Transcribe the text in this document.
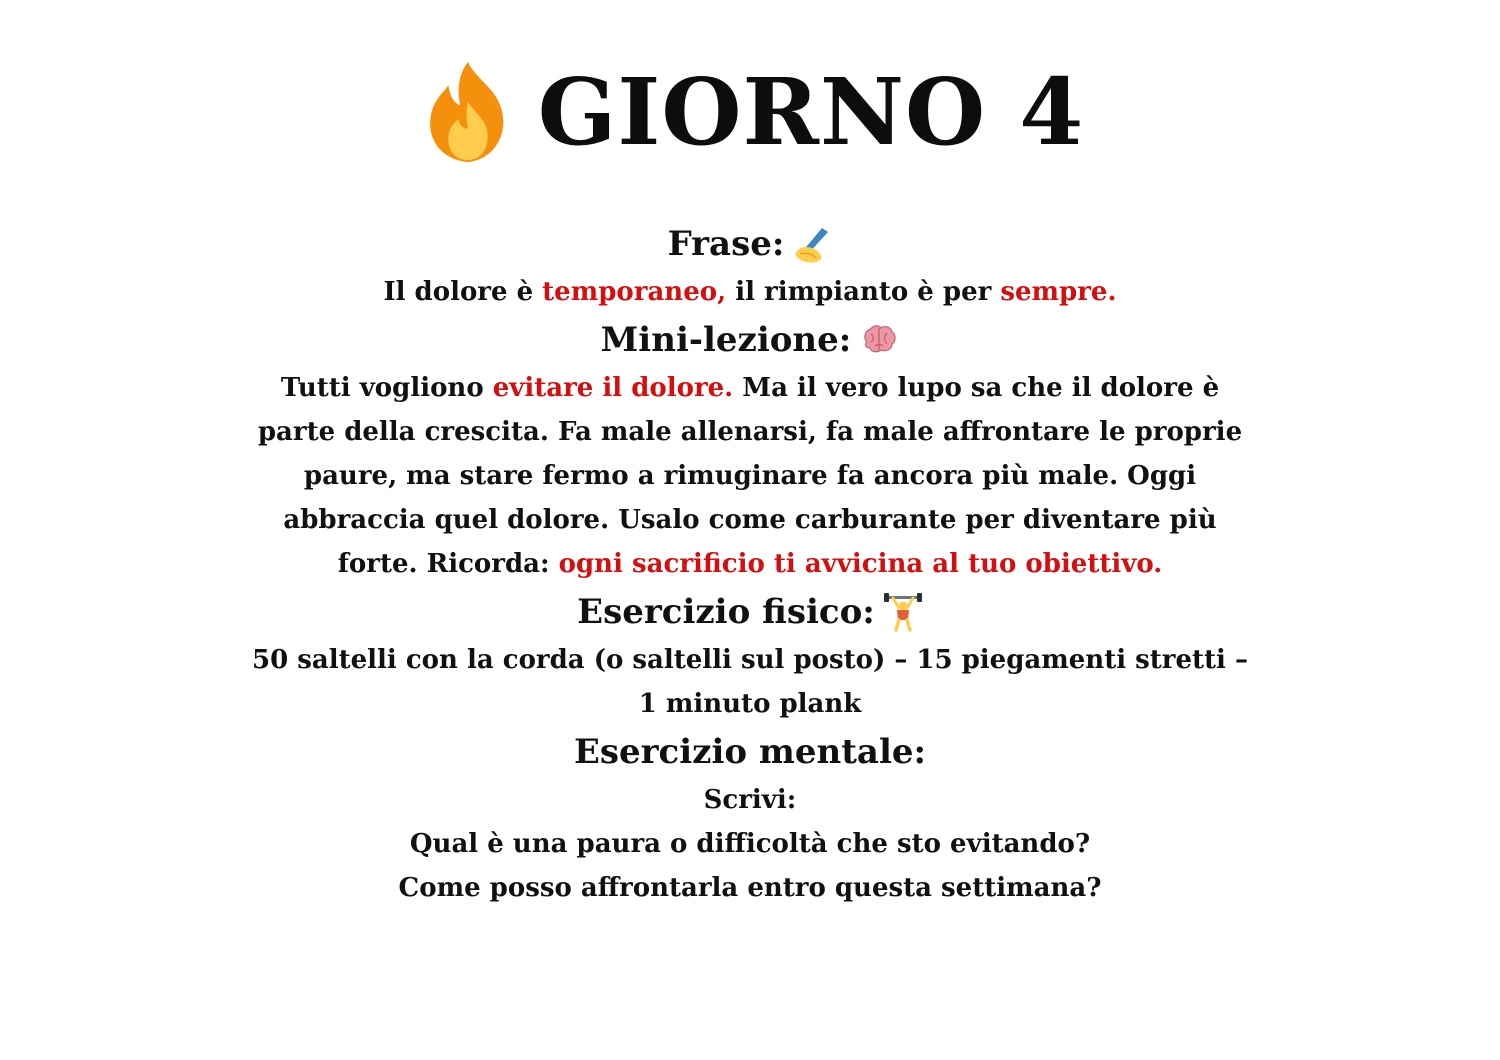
GIORNO 4
Frase:

Il dolore è temporaneo, il rimpianto è per sempre.

Mini-lezione:

Tutti vogliono evitare il dolore. Ma il vero lupo sa che il dolore è parte della crescita. Fa male allenarsi, fa male affrontare le proprie paure, ma stare fermo a rimuginare fa ancora più male. Oggi abbraccia quel dolore. Usalo come carburante per diventare più forte. Ricorda: ogni sacrificio ti avvicina al tuo obiettivo.

Esercizio fisico:

50 saltelli con la corda (o saltelli sul posto) – 15 piegamenti stretti – 1 minuto plank

Esercizio mentale:

Scrivi:

Qual è una paura o difficoltà che sto evitando?

Come posso affrontarla entro questa settimana?
